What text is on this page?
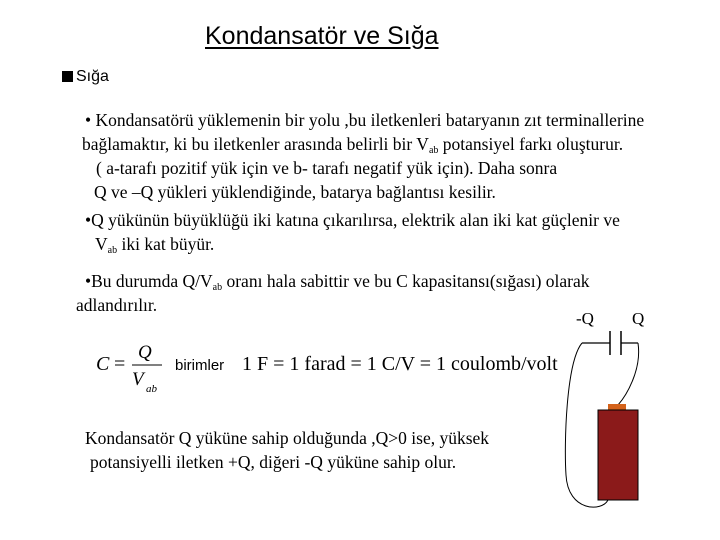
Kondansatör ve Sığa
Sığa
• Kondansatörü yüklemenin bir yolu ,bu iletkenleri bataryanın zıt terminallerine
bağlamaktır, ki bu iletkenler arasında belirli bir $V_{ab}$ potansiyel farkı oluşturur.
( a-tarafı pozitif yük için ve b- tarafı negatif yük için). Daha sonra
Q ve –Q yükleri yüklendiğinde, batarya bağlantısı kesilir.
•Q yükünün büyüklüğü iki katına çıkarılırsa, elektrik alan iki kat güçlenir ve
$V_{ab}$ iki kat büyür.
•Bu durumda $Q/V_{ab}$ oranı hala sabittir ve bu C kapasitansı(sığası) olarak
adlandırılır.
C =
Q
V ab
birimler 1 F = 1 farad = 1 C/V = 1 coulomb/volt
-Q Q
Kondansatör Q yüküne sahip olduğunda ,Q>0 ise, yüksek
potansiyelli iletken +Q, diğeri -Q yüküne sahip olur.
